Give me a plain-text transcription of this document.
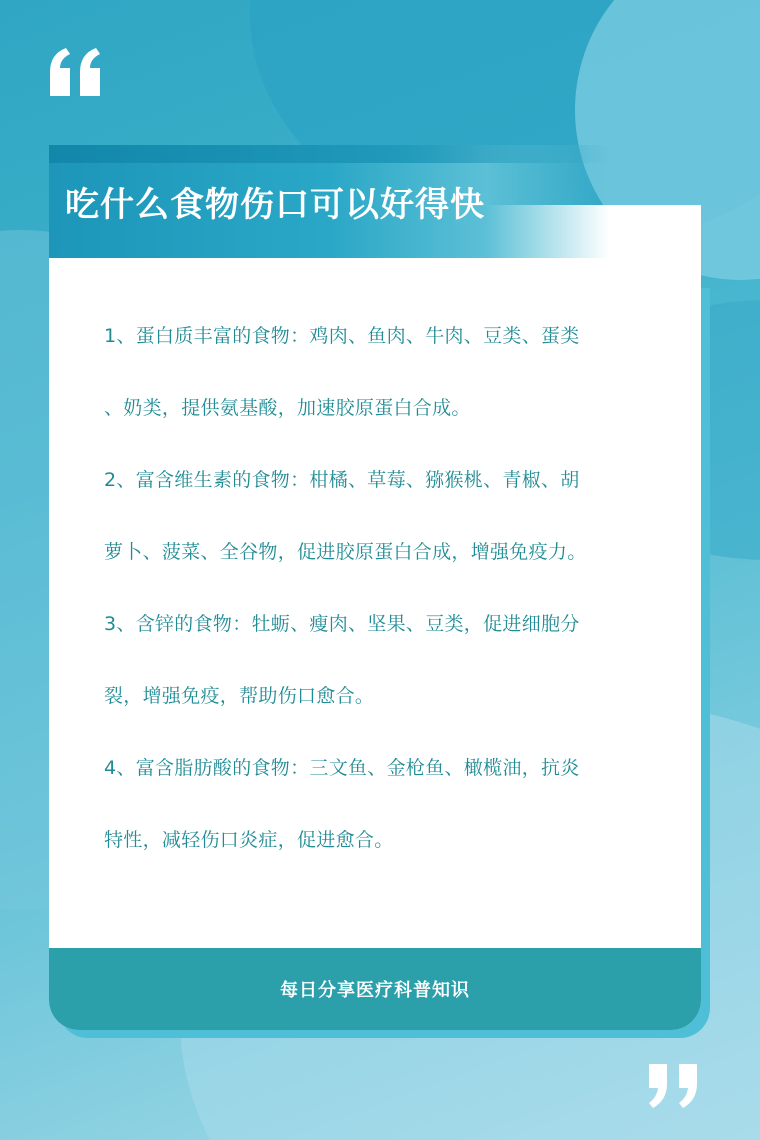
1、蛋白质丰富的食物：鸡肉、鱼肉、牛肉、豆类、蛋类
、奶类，提供氨基酸，加速胶原蛋白合成。
2、富含维生素的食物：柑橘、草莓、猕猴桃、青椒、胡
萝卜、菠菜、全谷物，促进胶原蛋白合成，增强免疫力。
3、含锌的食物：牡蛎、瘦肉、坚果、豆类，促进细胞分
裂，增强免疫，帮助伤口愈合。
4、富含脂肪酸的食物：三文鱼、金枪鱼、橄榄油，抗炎
特性，减轻伤口炎症，促进愈合。
每日分享医疗科普知识
吃什么食物伤口可以好得快
